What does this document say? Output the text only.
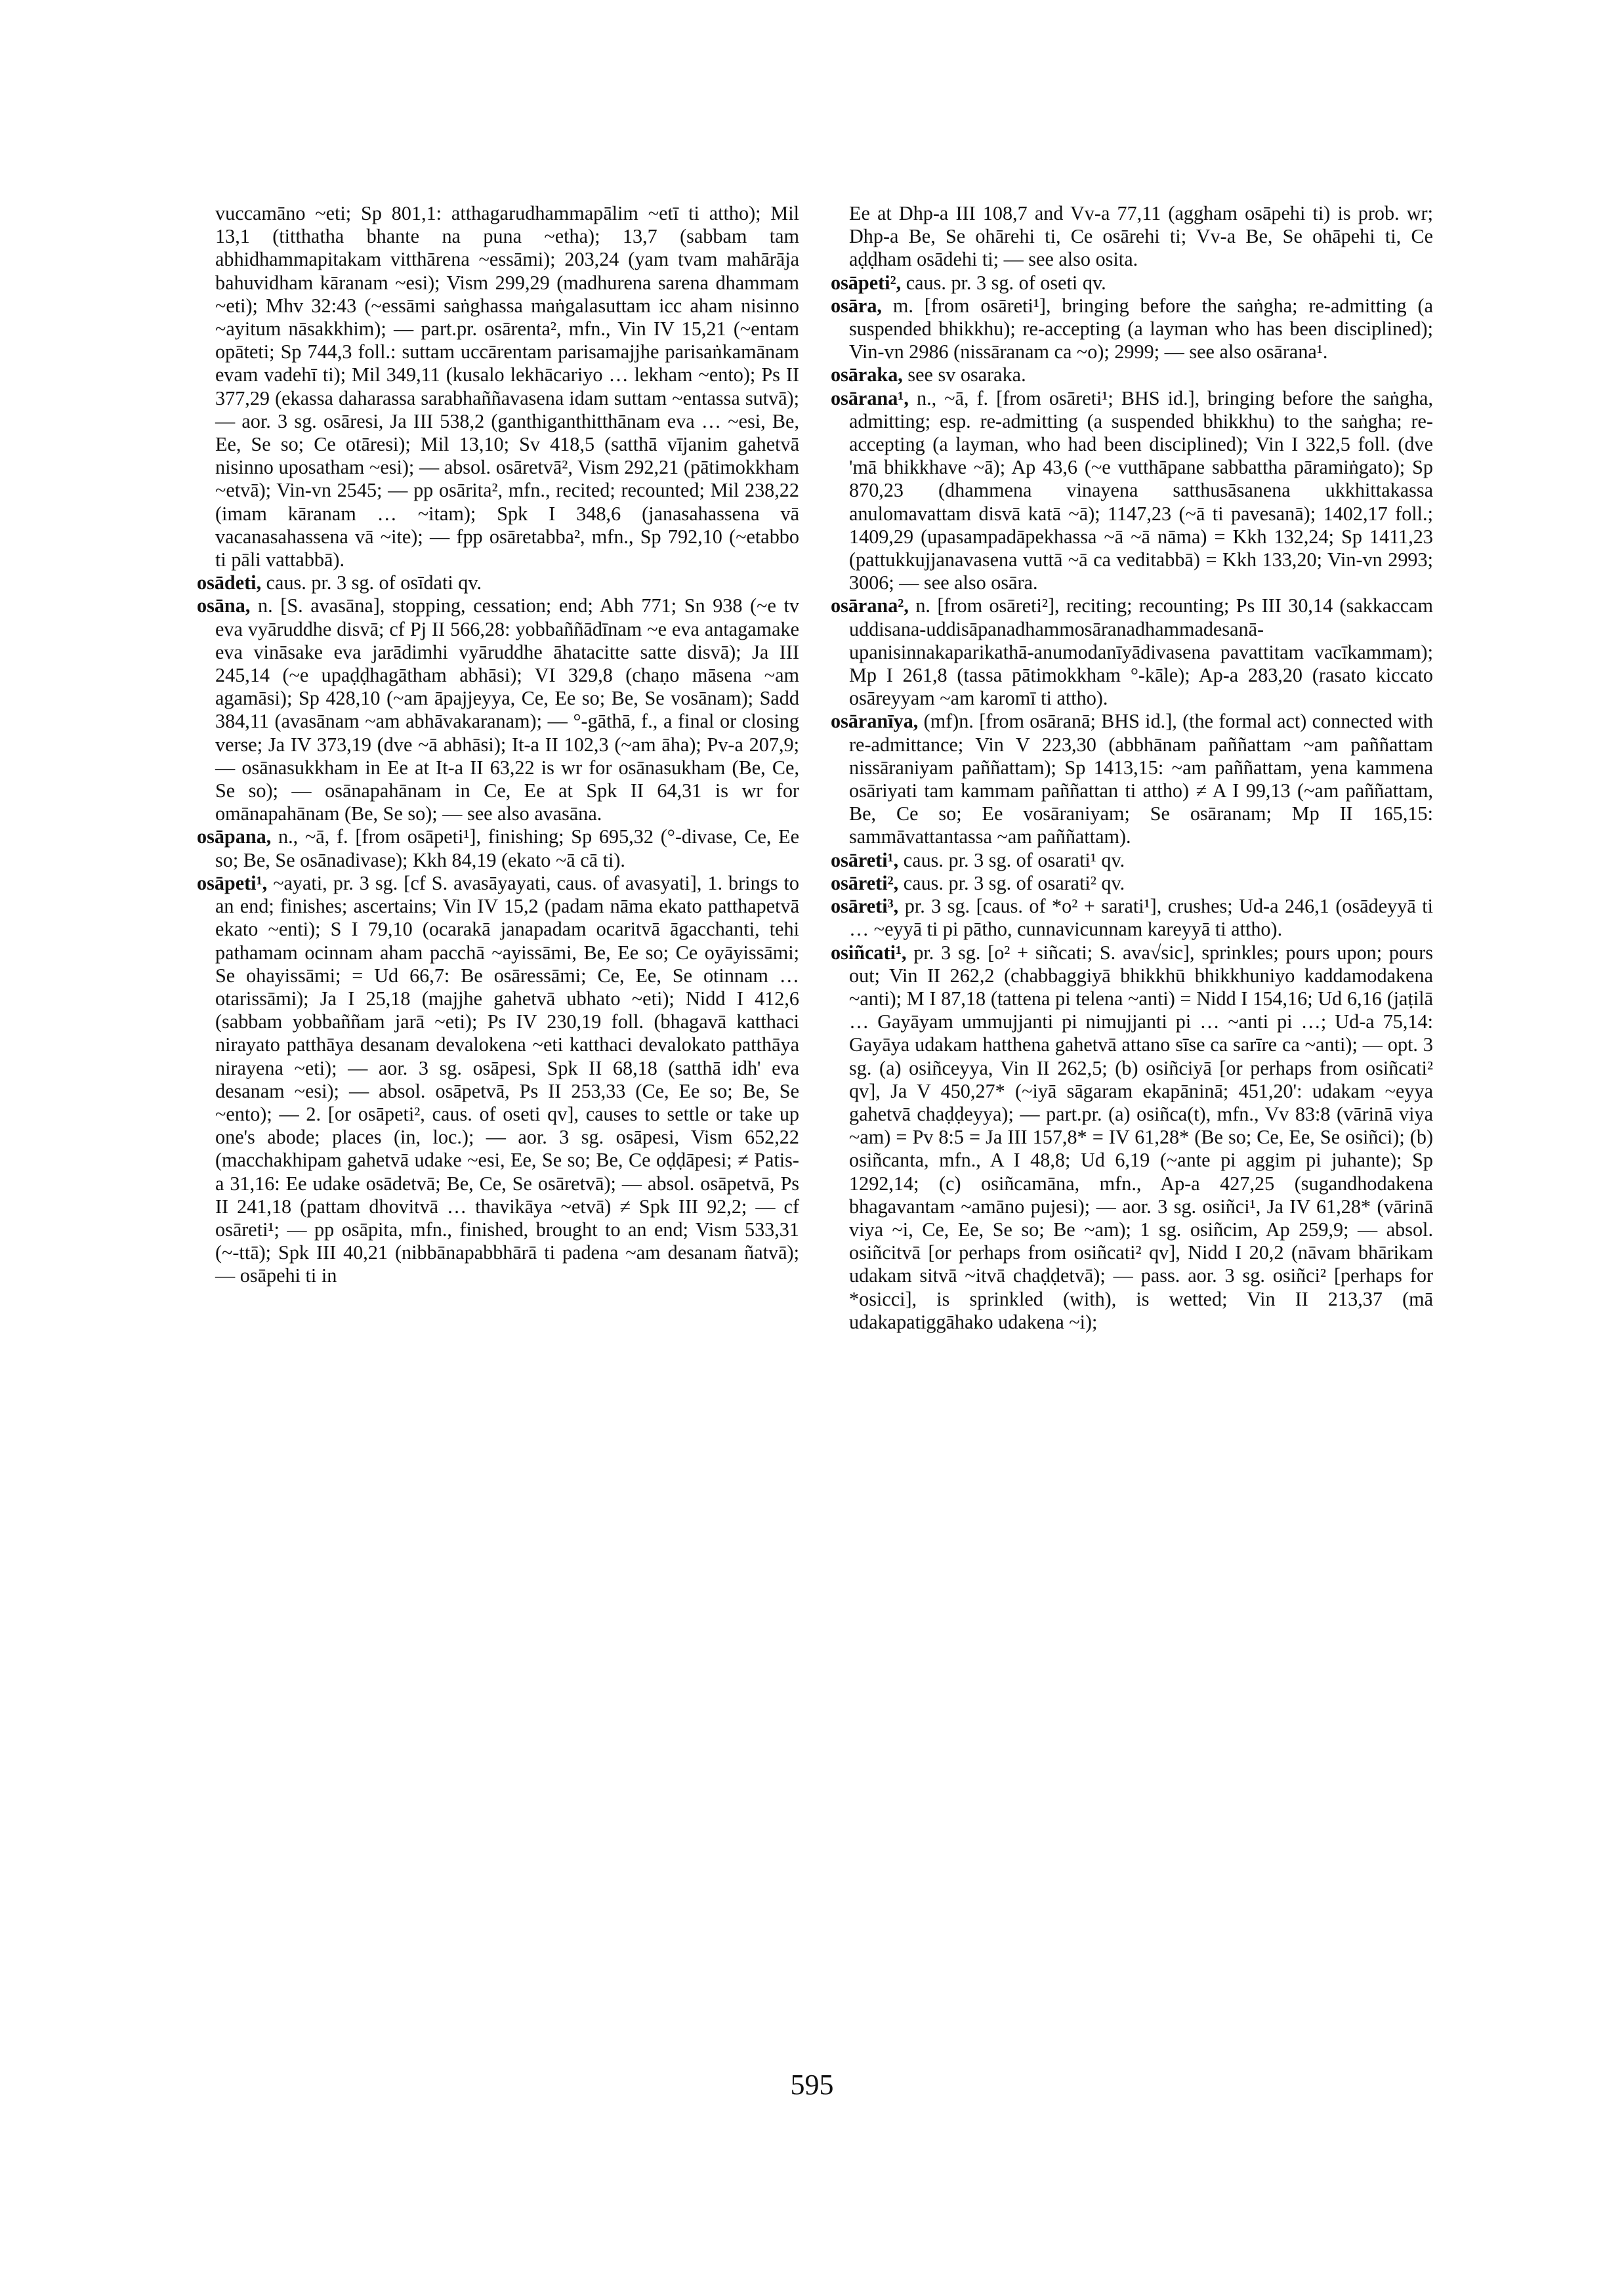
vuccamāno ~eti; Sp 801,1: atthagarudhammapālim ~etī ti attho); Mil 13,1 (titthatha bhante na puna ~etha); 13,7 (sabbam tam abhidhammapitakam vitthārena ~essāmi); 203,24 (yam tvam mahārāja bahuvidham kāranam ~esi); Vism 299,29 (madhurena sarena dhammam ~eti); Mhv 32:43 (~essāmi saṅghassa maṅgalasuttam icc aham nisinno ~ayitum nāsakkhim); — part.pr. osārenta², mfn., Vin IV 15,21 (~entam opāteti; Sp 744,3 foll.: suttam uccārentam parisamajjhe parisaṅkamānam evam vadehī ti); Mil 349,11 (kusalo lekhācariyo … lekham ~ento); Ps II 377,29 (ekassa daharassa sarabhaññavasena idam suttam ~entassa sutvā); — aor. 3 sg. osāresi, Ja III 538,2 (ganthiganthitthānam eva … ~esi, Be, Ee, Se so; Ce otāresi); Mil 13,10; Sv 418,5 (satthā vījanim gahetvā nisinno uposatham ~esi); — absol. osāretvā², Vism 292,21 (pātimokkham ~etvā); Vin-vn 2545; — pp osārita², mfn., recited; recounted; Mil 238,22 (imam kāranam … ~itam); Spk I 348,6 (janasahassena vā vacanasahassena vā ~ite); — fpp osāretabba², mfn., Sp 792,10 (~etabbo ti pāli vattabbā).

osādeti, caus. pr. 3 sg. of osīdati qv.

osāna, n. [S. avasāna], stopping, cessation; end; Abh 771; Sn 938 (~e tv eva vyāruddhe disvā; cf Pj II 566,28: yobbaññādīnam ~e eva antagamake eva vināsake eva jarādimhi vyāruddhe āhatacitte satte disvā); Ja III 245,14 (~e upaḍḍhagātham abhāsi); VI 329,8 (chaṇo māsena ~am agamāsi); Sp 428,10 (~am āpajjeyya, Ce, Ee so; Be, Se vosānam); Sadd 384,11 (avasānam ~am abhāvakaranam); — °-gāthā, f., a final or closing verse; Ja IV 373,19 (dve ~ā abhāsi); It-a II 102,3 (~am āha); Pv-a 207,9; — osānasukkham in Ee at It-a II 63,22 is wr for osānasukham (Be, Ce, Se so); — osānapahānam in Ce, Ee at Spk II 64,31 is wr for omānapahānam (Be, Se so); — see also avasāna.

osāpana, n., ~ā, f. [from osāpeti¹], finishing; Sp 695,32 (°-divase, Ce, Ee so; Be, Se osānadivase); Kkh 84,19 (ekato ~ā cā ti).

osāpeti¹, ~ayati, pr. 3 sg. [cf S. avasāyayati, caus. of avasyati], 1. brings to an end; finishes; ascertains; Vin IV 15,2 (padam nāma ekato patthapetvā ekato ~enti); S I 79,10 (ocarakā janapadam ocaritvā āgacchanti, tehi pathamam ocinnam aham pacchā ~ayissāmi, Be, Ee so; Ce oyāyissāmi; Se ohayissāmi; = Ud 66,7: Be osāressāmi; Ce, Ee, Se otinnam … otarissāmi); Ja I 25,18 (majjhe gahetvā ubhato ~eti); Nidd I 412,6 (sabbam yobbaññam jarā ~eti); Ps IV 230,19 foll. (bhagavā katthaci nirayato patthāya desanam devalokena ~eti katthaci devalokato patthāya nirayena ~eti); — aor. 3 sg. osāpesi, Spk II 68,18 (satthā idh' eva desanam ~esi); — absol. osāpetvā, Ps II 253,33 (Ce, Ee so; Be, Se ~ento); — 2. [or osāpeti², caus. of oseti qv], causes to settle or take up one's abode; places (in, loc.); — aor. 3 sg. osāpesi, Vism 652,22 (macchakhipam gahetvā udake ~esi, Ee, Se so; Be, Ce oḍḍāpesi; ≠ Patis-a 31,16: Ee udake osādetvā; Be, Ce, Se osāretvā); — absol. osāpetvā, Ps II 241,18 (pattam dhovitvā … thavikāya ~etvā) ≠ Spk III 92,2; — cf osāreti¹; — pp osāpita, mfn., finished, brought to an end; Vism 533,31 (~-ttā); Spk III 40,21 (nibbānapabbhārā ti padena ~am desanam ñatvā); — osāpehi ti in

Ee at Dhp-a III 108,7 and Vv-a 77,11 (aggham osāpehi ti) is prob. wr; Dhp-a Be, Se ohārehi ti, Ce osārehi ti; Vv-a Be, Se ohāpehi ti, Ce aḍḍham osādehi ti; — see also osita.

osāpeti², caus. pr. 3 sg. of oseti qv.

osāra, m. [from osāreti¹], bringing before the saṅgha; re-admitting (a suspended bhikkhu); re-accepting (a layman who has been disciplined); Vin-vn 2986 (nissāranam ca ~o); 2999; — see also osārana¹.

osāraka, see sv osaraka.

osārana¹, n., ~ā, f. [from osāreti¹; BHS id.], bringing before the saṅgha, admitting; esp. re-admitting (a suspended bhikkhu) to the saṅgha; re-accepting (a layman, who had been disciplined); Vin I 322,5 foll. (dve 'mā bhikkhave ~ā); Ap 43,6 (~e vutthāpane sabbattha pāramiṅgato); Sp 870,23 (dhammena vinayena satthusāsanena ukkhittakassa anulomavattam disvā katā ~ā); 1147,23 (~ā ti pavesanā); 1402,17 foll.; 1409,29 (upasampadāpekhassa ~ā ~ā nāma) = Kkh 132,24; Sp 1411,23 (pattukkujjanavasena vuttā ~ā ca veditabbā) = Kkh 133,20; Vin-vn 2993; 3006; — see also osāra.

osārana², n. [from osāreti²], reciting; recounting; Ps III 30,14 (sakkaccam uddisana-uddisāpanadhammosāranadhammadesanā-upanisinnakaparikathā-anumodanīyādivasena pavattitam vacīkammam); Mp I 261,8 (tassa pātimokkham °-kāle); Ap-a 283,20 (rasato kiccato osāreyyam ~am karomī ti attho).

osāranīya, (mf)n. [from osāranā; BHS id.], (the formal act) connected with re-admittance; Vin V 223,30 (abbhānam paññattam ~am paññattam nissāraniyam paññattam); Sp 1413,15: ~am paññattam, yena kammena osāriyati tam kammam paññattan ti attho) ≠ A I 99,13 (~am paññattam, Be, Ce so; Ee vosāraniyam; Se osāranam; Mp II 165,15: sammāvattantassa ~am paññattam).

osāreti¹, caus. pr. 3 sg. of osarati¹ qv.

osāreti², caus. pr. 3 sg. of osarati² qv.

osāreti³, pr. 3 sg. [caus. of *o² + sarati¹], crushes; Ud-a 246,1 (osādeyyā ti … ~eyyā ti pi pātho, cunnavicunnam kareyyā ti attho).

osiñcati¹, pr. 3 sg. [o² + siñcati; S. ava√sic], sprinkles; pours upon; pours out; Vin II 262,2 (chabbaggiyā bhikkhū bhikkhuniyo kaddamodakena ~anti); M I 87,18 (tattena pi telena ~anti) = Nidd I 154,16; Ud 6,16 (jaṭilā … Gayāyam ummujjanti pi nimujjanti pi … ~anti pi …; Ud-a 75,14: Gayāya udakam hatthena gahetvā attano sīse ca sarīre ca ~anti); — opt. 3 sg. (a) osiñceyya, Vin II 262,5; (b) osiñciyā [or perhaps from osiñcati² qv], Ja V 450,27* (~iyā sāgaram ekapāninā; 451,20': udakam ~eyya gahetvā chaḍḍeyya); — part.pr. (a) osiñca(t), mfn., Vv 83:8 (vārinā viya ~am) = Pv 8:5 = Ja III 157,8* = IV 61,28* (Be so; Ce, Ee, Se osiñci); (b) osiñcanta, mfn., A I 48,8; Ud 6,19 (~ante pi aggim pi juhante); Sp 1292,14; (c) osiñcamāna, mfn., Ap-a 427,25 (sugandhodakena bhagavantam ~amāno pujesi); — aor. 3 sg. osiñci¹, Ja IV 61,28* (vārinā viya ~i, Ce, Ee, Se so; Be ~am); 1 sg. osiñcim, Ap 259,9; — absol. osiñcitvā [or perhaps from osiñcati² qv], Nidd I 20,2 (nāvam bhārikam udakam sitvā ~itvā chaḍḍetvā); — pass. aor. 3 sg. osiñci² [perhaps for *osicci], is sprinkled (with), is wetted; Vin II 213,37 (mā udakapatiggāhako udakena ~i);

595
